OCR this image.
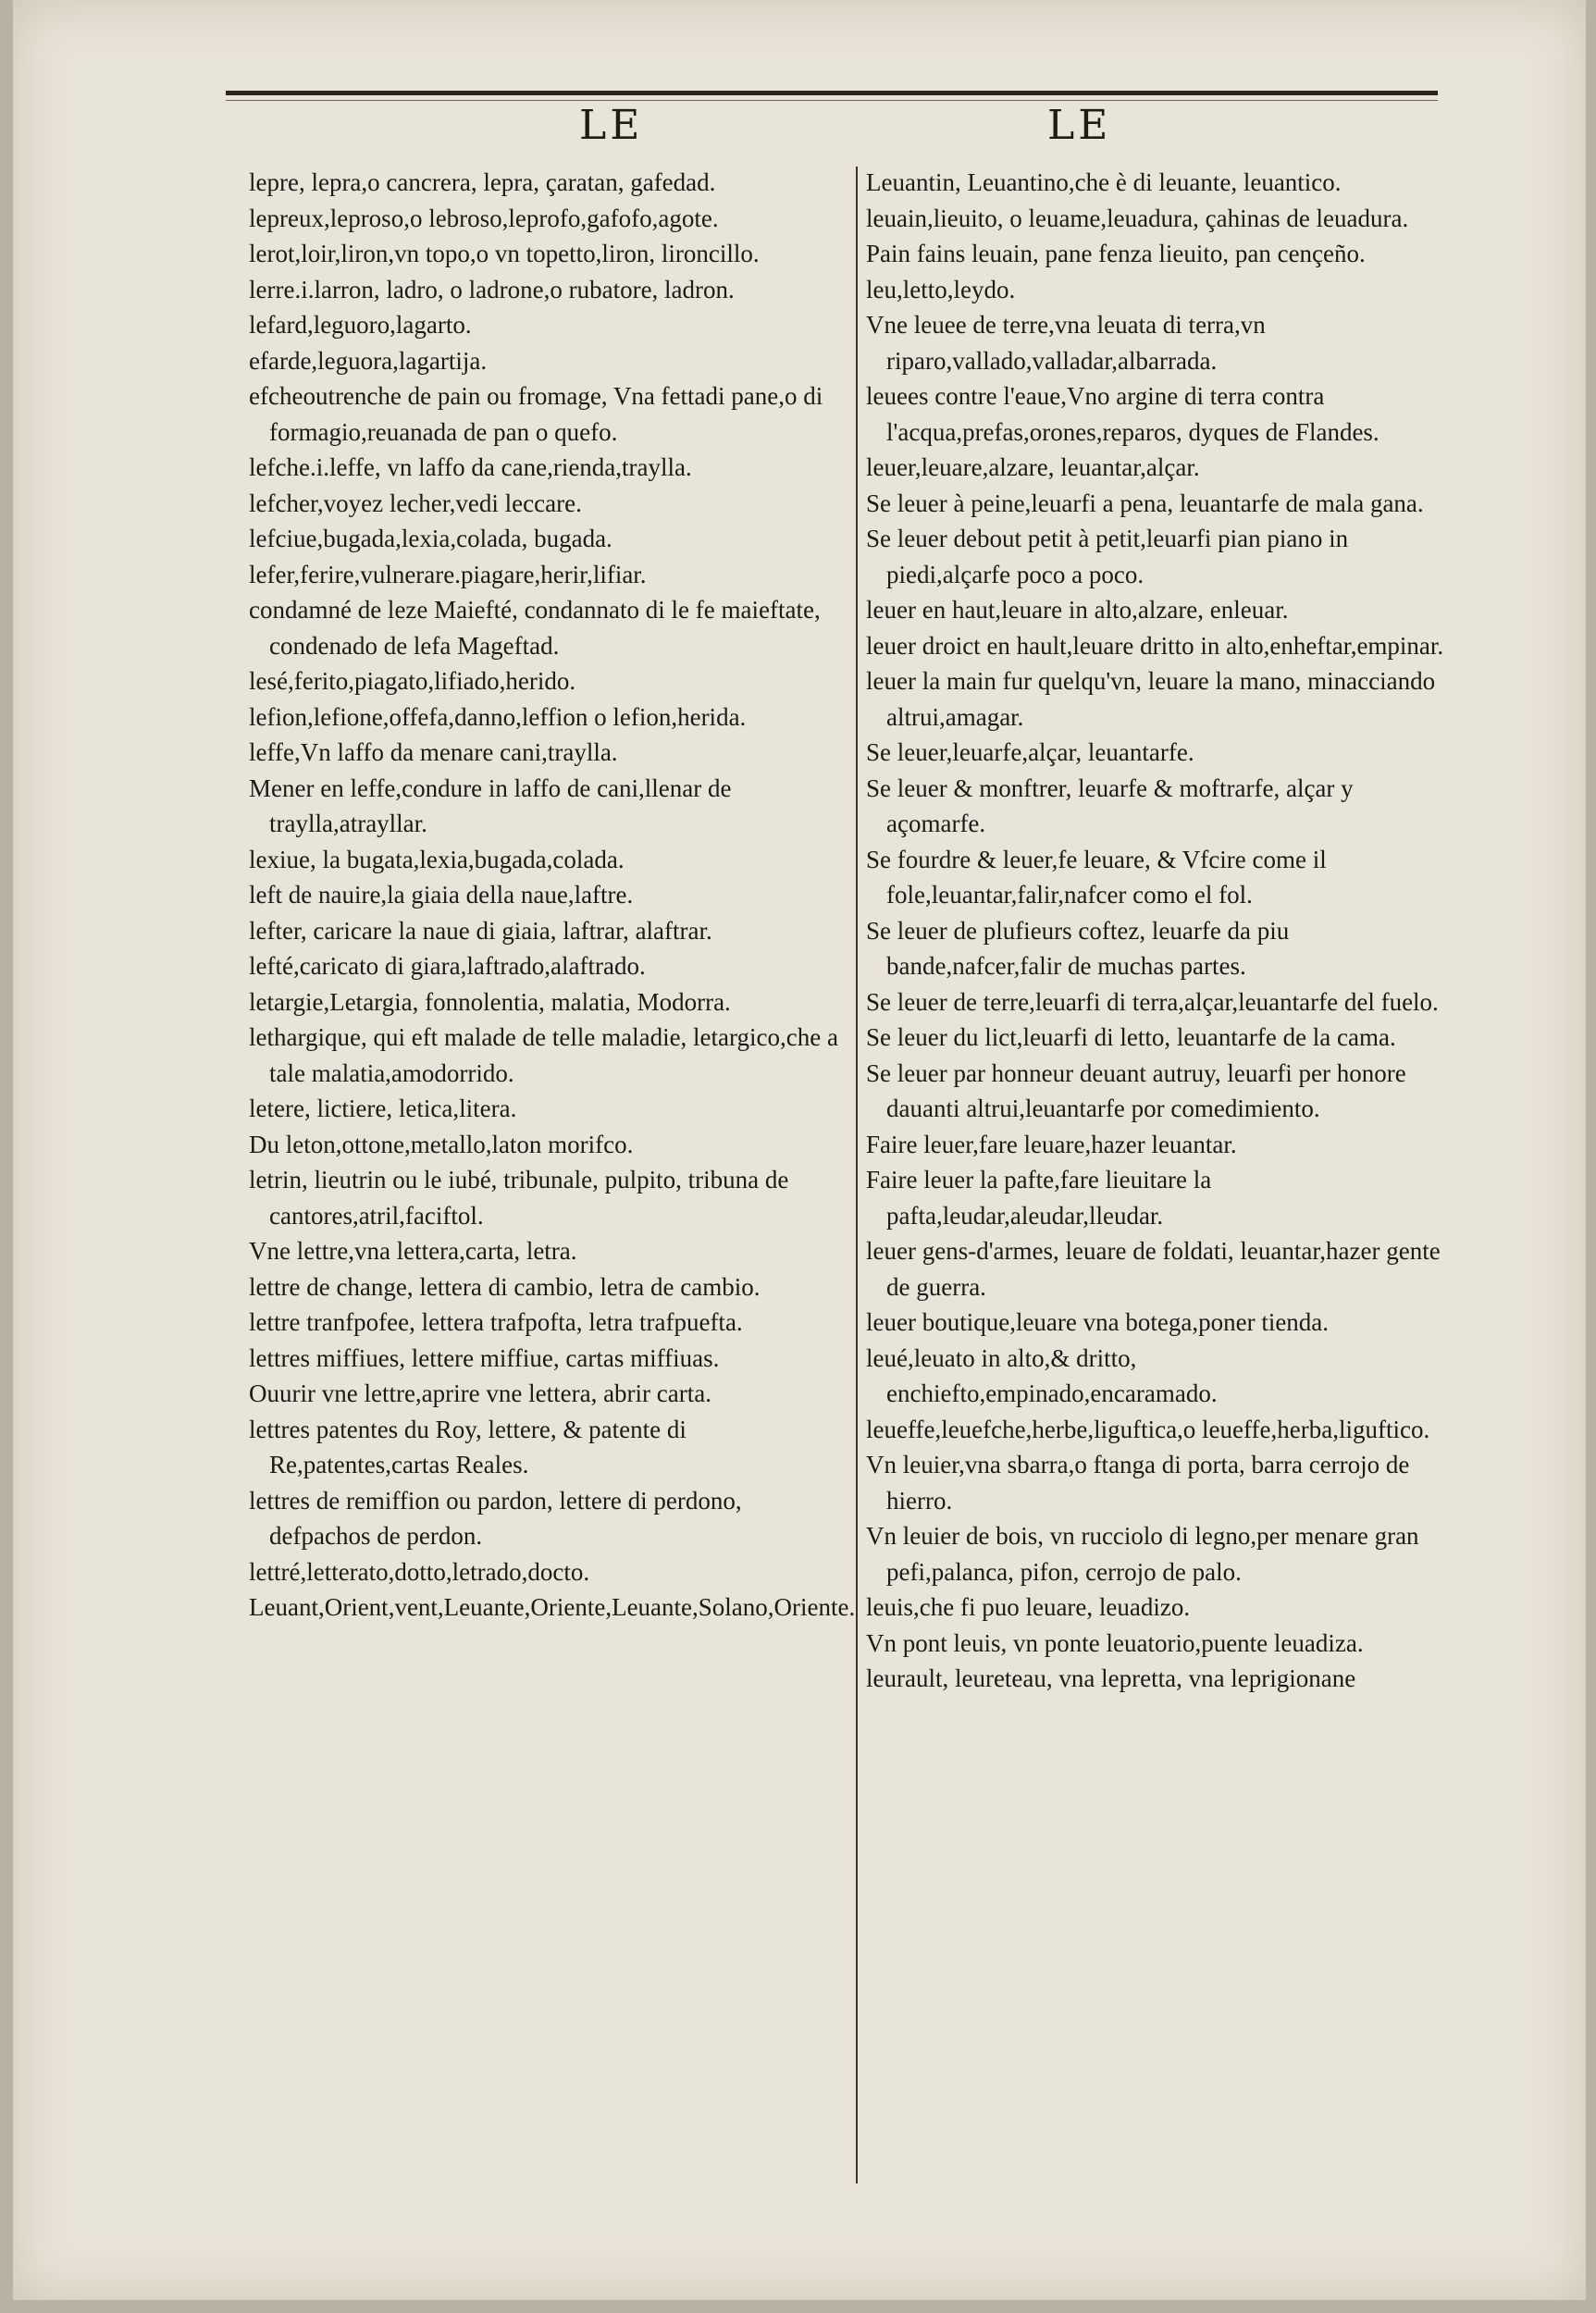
LE	LE
lepre, lepra,o cancrera, lepra, çaratan, gafedad.
lepreux,leproso,o lebroso,leprofo,gafofo,agote.
lerot,loir,liron,vn topo,o vn topetto,liron, lironcillo.
lerre.i.larron, ladro, o ladrone,o rubatore, ladron.
lefard,leguoro,lagarto.
efarde,leguora,lagartija.
efcheoutrenche de pain ou fromage, Vna fettadi pane,o di formagio,reuanada de pan o quefo.
lefche.i.leffe, vn laffo da cane,rienda,traylla.
lefcher,voyez lecher,vedi leccare.
lefciue,bugada,lexia,colada, bugada.
lefer,ferire,vulnerare.piagare,herir,lifiar.
condamné de leze Maiefté, condannato di le fe maieftate, condenado de lefa Mageftad.
lesé,ferito,piagato,lifiado,herido.
lefion,lefione,offefa,danno,leffion o lefion,herida.
leffe,Vn laffo da menare cani,traylla.
Mener en leffe,condure in laffo de cani,llenar de traylla,atrayllar.
lexiue, la bugata,lexia,bugada,colada.
left de nauire,la giaia della naue,laftre.
lefter, caricare la naue di giaia, laftrar, alaftrar.
lefté,caricato di giara,laftrado,alaftrado.
letargie,Letargia, fonnolentia, malatia, Modorra.
lethargique, qui eft malade de telle maladie, letargico,che a tale malatia,amodorrido.
letere, lictiere, letica,litera.
Du leton,ottone,metallo,laton morifco.
letrin, lieutrin ou le iubé, tribunale, pulpito, tribuna de cantores,atril,faciftol.
Vne lettre,vna lettera,carta, letra.
lettre de change, lettera di cambio, letra de cambio.
lettre tranfpofee, lettera trafpofta, letra trafpuefta.
lettres miffiues, lettere miffiue, cartas miffiuas.
Ouurir vne lettre,aprire vne lettera, abrir carta.
lettres patentes du Roy, lettere, & patente di Re,patentes,cartas Reales.
lettres de remiffion ou pardon, lettere di perdono, defpachos de perdon.
lettré,letterato,dotto,letrado,docto.
Leuant,Orient,vent,Leuante,Oriente,Leuante,Solano,Oriente.
Leuantin, Leuantino,che è di leuante, leuantico.
leuain,lieuito, o leuame,leuadura, çahinas de leuadura.
Pain fains leuain, pane fenza lieuito, pan cençeño.
leu,letto,leydo.
Vne leuee de terre,vna leuata di terra,vn riparo,vallado,valladar,albarrada.
leuees contre l'eaue,Vno argine di terra contra l'acqua,prefas,orones,reparos, dyques de Flandes.
leuer,leuare,alzare, leuantar,alçar.
Se leuer à peine,leuarfi a pena, leuantarfe de mala gana.
Se leuer debout petit à petit,leuarfi pian piano in piedi,alçarfe poco a poco.
leuer en haut,leuare in alto,alzare, enleuar.
leuer droict en hault,leuare dritto in alto,enheftar,empinar.
leuer la main fur quelqu'vn, leuare la mano, minacciando altrui,amagar.
Se leuer,leuarfe,alçar, leuantarfe.
Se leuer & monftrer, leuarfe & moftrarfe, alçar y açomarfe.
Se fourdre & leuer,fe leuare, & Vfcire come il fole,leuantar,falir,nafcer como el fol.
Se leuer de plufieurs coftez, leuarfe da piu bande,nafcer,falir de muchas partes.
Se leuer de terre,leuarfi di terra,alçar,leuantarfe del fuelo.
Se leuer du lict,leuarfi di letto, leuantarfe de la cama.
Se leuer par honneur deuant autruy, leuarfi per honore dauanti altrui,leuantarfe por comedimiento.
Faire leuer,fare leuare,hazer leuantar.
Faire leuer la pafte,fare lieuitare la pafta,leudar,aleudar,lleudar.
leuer gens-d'armes, leuare de foldati, leuantar,hazer gente de guerra.
leuer boutique,leuare vna botega,poner tienda.
leué,leuato in alto,& dritto, enchiefto,empinado,encaramado.
leueffe,leuefche,herbe,liguftica,o leueffe,herba,liguftico.
Vn leuier,vna sbarra,o ftanga di porta, barra cerrojo de hierro.
Vn leuier de bois, vn rucciolo di legno,per menare gran pefi,palanca, pifon, cerrojo de palo.
leuis,che fi puo leuare, leuadizo.
Vn pont leuis, vn ponte leuatorio,puente leuadiza.
leurault, leureteau, vna lepretta, vna leprigionane
